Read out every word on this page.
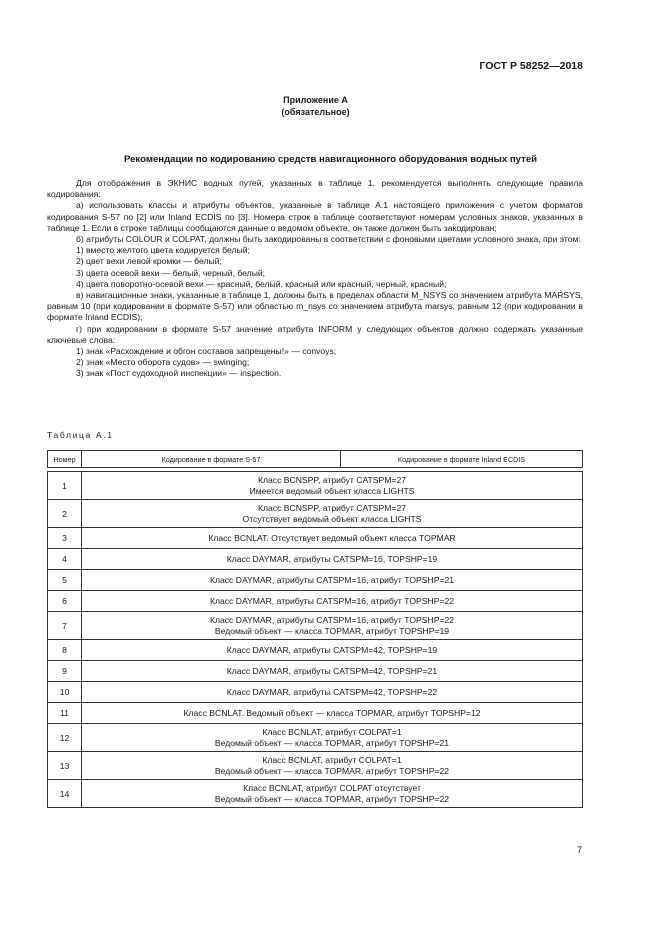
ГОСТ Р 58252—2018
Приложение А
(обязательное)
Рекомендации по кодированию средств навигационного оборудования водных путей

Для отображения в ЭКНИС водных путей, указанных в таблице 1, рекомендуется выполнять следующие правила кодирования:

а) использовать классы и атрибуты объектов, указанные в таблице А.1 настоящего приложения с учетом форматов кодирования S-57 по [2] или Inland ECDIS по [3]. Номера строк в таблице соответствуют номерам условных знаков, указанных в таблице 1. Если в строке таблицы сообщаются данные о ведомом объекте, он также должен быть закодирован;

б) атрибуты COLOUR и COLPAT, должны быть закодированы в соответствии с фоновыми цветами условного знака, при этом:

1) вместо желтого цвета кодируется белый;

2) цвет вехи левой кромки — белый;

3) цвета осевой вехи — белый, черный, белый;

4) цвета поворотно-осевой вехи — красный, белый, красный или красный, черный, красный;

в) навигационные знаки, указанные в таблице 1, должны быть в пределах области M_NSYS со значением атрибута MARSYS, равным 10 (при кодировании в формате S-57) или областью m_nsys со значением атрибута marsys, равным 12 (при кодировании в формате Inland ECDIS);

г) при кодировании в формате S-57 значение атрибута INFORM у следующих объектов должно содержать указанные ключевые слова:

1) знак «Расхождение и обгон составов запрещены!» — convoys;

2) знак «Место оборота судов» — swinging;

3) знак «Пост судоходной инспекции» — inspection.

Таблица А.1
Номер	Кодирование в формате S-57	Кодирование в формате Inland ECDIS

1	Класс BCNSPP, атрибут CATSPM=27
Имеется ведомый объект класса LIGHTS	

2	Класс BCNSPP, атрибут CATSPM=27
Отсутствует ведомый объект класса LIGHTS	

3	Класс BCNLAT. Отсутствует ведомый объект класса TOPMAR	

4	Класс DAYMAR, атрибуты CATSPM=16, TOPSHP=19	

5	Класс DAYMAR, атрибуты CATSPM=16, атрибут TOPSHP=21	

6	Класс DAYMAR, атрибуты CATSPM=16, атрибут TOPSHP=22	

7	Класс DAYMAR, атрибуты CATSPM=16, атрибут TOPSHP=22
Ведомый объект — класса TOPMAR, атрибут TOPSHP=19	

8	Класс DAYMAR, атрибуты CATSPM=42, TOPSHP=19	

9	Класс DAYMAR, атрибуты CATSPM=42, TOPSHP=21	

10	Класс DAYMAR, атрибуты CATSPM=42, TOPSHP=22	

11	Класс BCNLAT. Ведомый объект — класса TOPMAR, атрибут TOPSHP=12	

12	Класс BCNLAT, атрибут COLPAT=1
Ведомый объект — класса TOPMAR, атрибут TOPSHP=21	

13	Класс BCNLAT, атрибут COLPAT=1
Ведомый объект — класса TOPMAR, атрибут TOPSHP=22	

14	Класс BCNLAT, атрибут COLPAT отсутствует
Ведомый объект — класса TOPMAR, атрибут TOPSHP=22	
7
